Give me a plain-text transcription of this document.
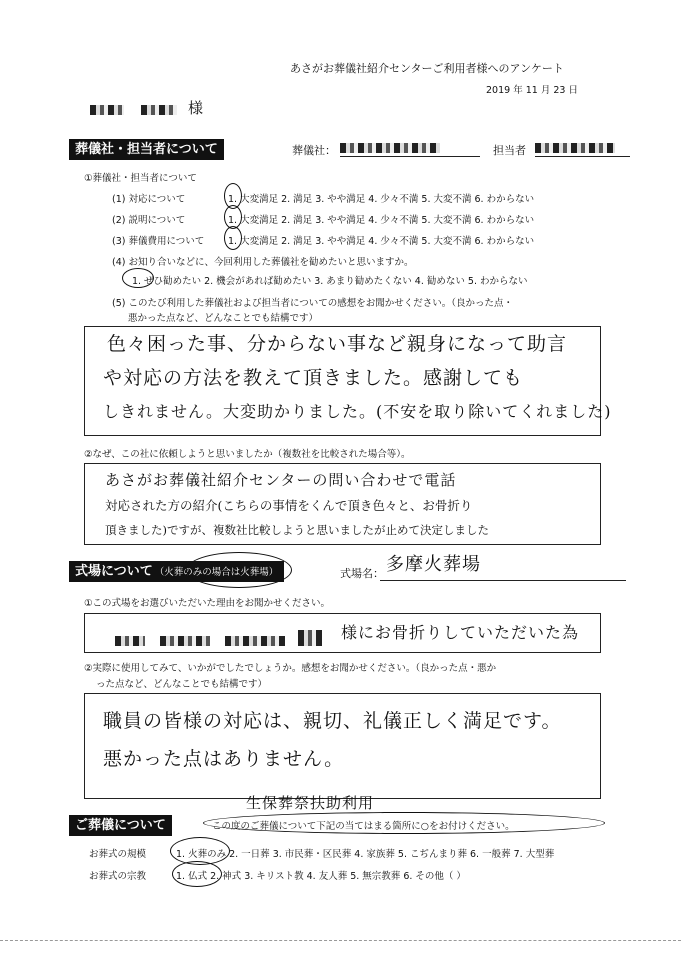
あさがお葬儀社紹介センターご利用者様へのアンケート
2019 年 11 月 23 日

様
葬儀社・担当者について	葬儀社：	担当者
①葬儀社・担当者について
(1) 対応について	1. 大変満足 2. 満足 3. やや満足 4. 少々不満 5. 大変不満 6. わからない
(2) 説明について	1. 大変満足 2. 満足 3. やや満足 4. 少々不満 5. 大変不満 6. わからない
(3) 葬儀費用について 1. 大変満足 2. 満足 3. やや満足 4. 少々不満 5. 大変不満 6. わからない
(4) お知り合いなどに、今回利用した葬儀社を勧めたいと思いますか。
1. ぜひ勧めたい 2. 機会があれば勧めたい 3. あまり勧めたくない 4. 勧めない 5. わからない
(5) このたび利用した葬儀社および担当者についての感想をお聞かせください。（良かった点・
悪かった点など、どんなことでも結構です）
色々困った事、分からない事など親身になって助言
や対応の方法を教えて頂きました。感謝しても
しきれません。大変助かりました。(不安を取り除いてくれました)
②なぜ、この社に依頼しようと思いましたか（複数社を比較された場合等）。
あさがお葬儀社紹介センターの問い合わせで電話
対応された方の紹介(こちらの事情をくんで頂き色々と、お骨折り
頂きました)ですが、複数社比較しようと思いましたが止めて決定しました
式場について （火葬のみの場合は火葬場）	式場名： 多摩火葬場
①この式場をお選びいただいた理由をお聞かせください。

様にお骨折りしていただいた為
②実際に使用してみて、いかがでしたでしょうか。感想をお聞かせください。（良かった点・悪か
った点など、どんなことでも結構です）
職員の皆様の対応は、親切、礼儀正しく満足です。
悪かった点はありません。
ご葬儀について
生保葬祭扶助利用
この度のご葬儀について下記の当てはまる箇所に○をお付けください。
お葬式の規模	1. 火葬のみ 2. 一日葬 3. 市民葬・区民葬 4. 家族葬 5. こぢんまり葬 6. 一般葬 7. 大型葬
お葬式の宗教	1. 仏式 2. 神式 3. キリスト教 4. 友人葬 5. 無宗教葬 6. その他（ ）
